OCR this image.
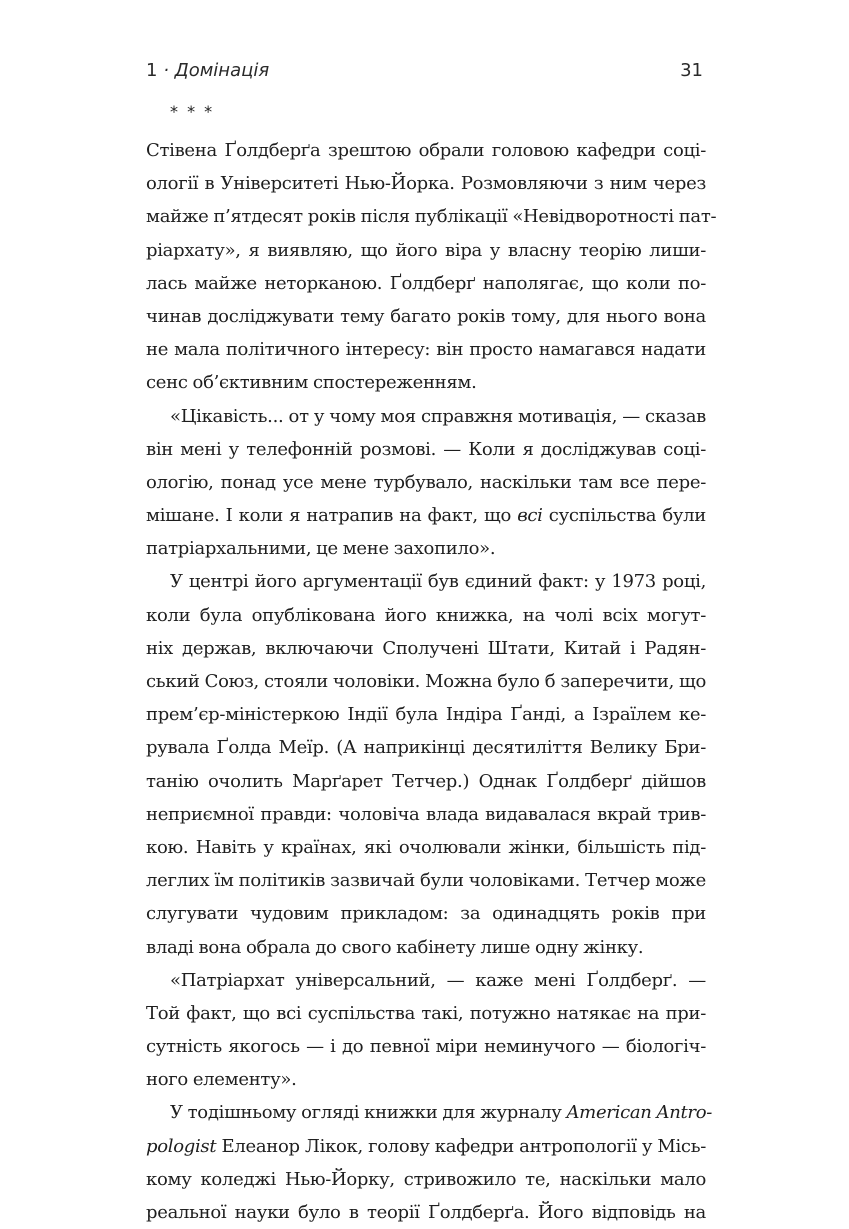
1 · Домінація	31
* * *
Стівена Ґолдберґа зрештою обрали головою кафедри соці-
ології в Університеті Нью-Йорка. Розмовляючи з ним через
майже п’ятдесят років після публікації «Невідворотності пат-
ріархату», я виявляю, що його віра у власну теорію лиши-
лась майже неторканою. Ґолдберґ наполягає, що коли по-
чинав досліджувати тему багато років тому, для нього вона
не мала політичного інтересу: він просто намагався надати
сенс об’єктивним спостереженням.
«Цікавість... от у чому моя справжня мотивація, — сказав
він мені у телефонній розмові. — Коли я досліджував соці-
ологію, понад усе мене турбувало, наскільки там все пере-
мішане. І коли я натрапив на факт, що всі суспільства були
патріархальними, це мене захопило».
У центрі його аргументації був єдиний факт: у 1973 році,
коли була опублікована його книжка, на чолі всіх могут-
ніх держав, включаючи Сполучені Штати, Китай і Радян-
ський Союз, стояли чоловіки. Можна було б заперечити, що
прем’єр-міністеркою Індії була Індіра Ґанді, а Ізраїлем ке-
рувала Ґолда Меїр. (А наприкінці десятиліття Велику Бри-
танію очолить Марґарет Тетчер.) Однак Ґолдберґ дійшов
неприємної правди: чоловіча влада видавалася вкрай трив-
кою. Навіть у країнах, які очолювали жінки, більшість під-
леглих їм політиків зазвичай були чоловіками. Тетчер може
слугувати чудовим прикладом: за одинадцять років при
владі вона обрала до свого кабінету лише одну жінку.
«Патріархат універсальний, — каже мені Ґолдберґ. —
Той факт, що всі суспільства такі, потужно натякає на при-
сутність якогось — і до певної міри неминучого — біологіч-
ного елементу».
У тодішньому огляді книжки для журналу American Antro-
pologist Елеанор Лікок, голову кафедри антропології у Місь-
кому коледжі Нью-Йорку, стривожило те, наскільки мало
реальної науки було в теорії Ґолдберґа. Його відповідь на
